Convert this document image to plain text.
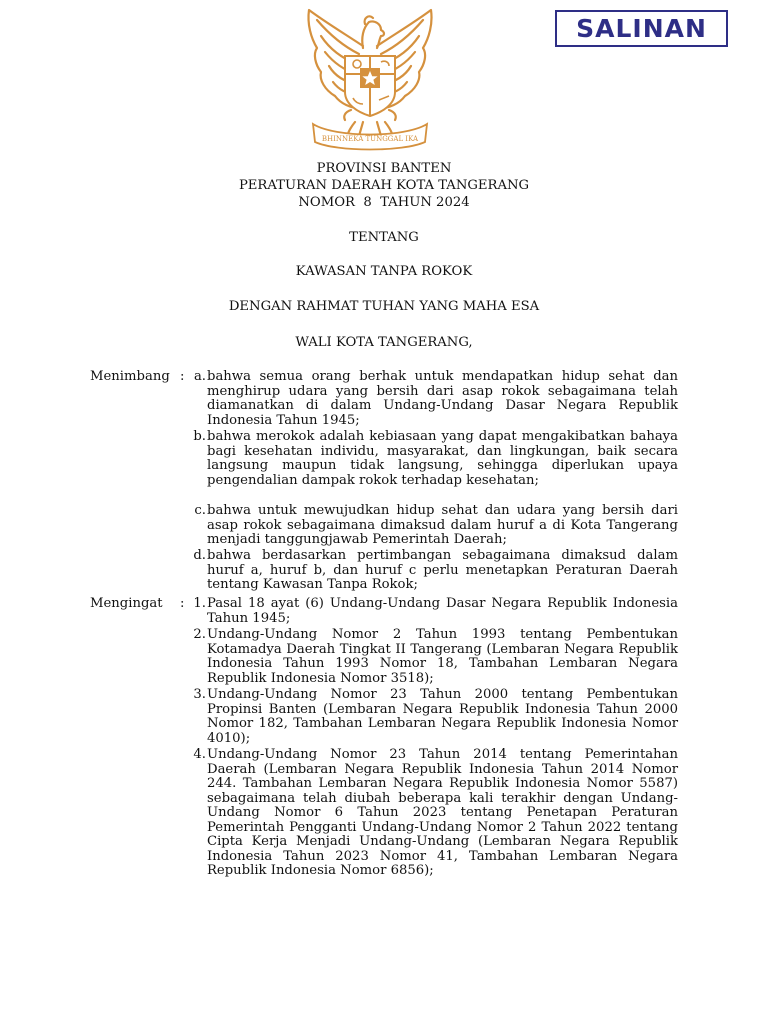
BHINNEKA TUNGGAL IKA
SALINAN
PROVINSI BANTEN
PERATURAN DAERAH KOTA TANGERANG
NOMOR  8  TAHUN 2024
TENTANG
KAWASAN TANPA ROKOK
DENGAN RAHMAT TUHAN YANG MAHA ESA
WALI KOTA TANGERANG,
Menimbang : a. bahwa semua orang berhak untuk mendapatkan hidup sehat dan menghirup udara yang bersih dari asap rokok sebagaimana telah diamanatkan di dalam Undang-Undang Dasar Negara Republik Indonesia Tahun 1945;
b. bahwa merokok adalah kebiasaan yang dapat mengakibatkan bahaya bagi kesehatan individu, masyarakat, dan lingkungan, baik secara langsung maupun tidak langsung, sehingga diperlukan upaya pengendalian dampak rokok terhadap kesehatan;
c. bahwa untuk mewujudkan hidup sehat dan udara yang bersih dari asap rokok sebagaimana dimaksud dalam huruf a di Kota Tangerang menjadi tanggungjawab Pemerintah Daerah;
d. bahwa berdasarkan pertimbangan sebagaimana dimaksud dalam huruf a, huruf b, dan huruf c perlu menetapkan Peraturan Daerah tentang Kawasan Tanpa Rokok;
Mengingat : 1. Pasal 18 ayat (6) Undang-Undang Dasar Negara Republik Indonesia Tahun 1945;
2. Undang-Undang Nomor 2 Tahun 1993 tentang Pembentukan Kotamadya Daerah Tingkat II Tangerang (Lembaran Negara Republik Indonesia Tahun 1993 Nomor 18, Tambahan Lembaran Negara Republik Indonesia Nomor 3518);
3. Undang-Undang Nomor 23 Tahun 2000 tentang Pembentukan Propinsi Banten (Lembaran Negara Republik Indonesia Tahun 2000 Nomor 182, Tambahan Lembaran Negara Republik Indonesia Nomor 4010);
4. Undang-Undang Nomor 23 Tahun 2014 tentang Pemerintahan Daerah (Lembaran Negara Republik Indonesia Tahun 2014 Nomor 244. Tambahan Lembaran Negara Republik Indonesia Nomor 5587) sebagaimana telah diubah beberapa kali terakhir dengan Undang-Undang Nomor 6 Tahun 2023 tentang Penetapan Peraturan Pemerintah Pengganti Undang-Undang Nomor 2 Tahun 2022 tentang Cipta Kerja Menjadi Undang-Undang (Lembaran Negara Republik Indonesia Tahun 2023 Nomor 41, Tambahan Lembaran Negara Republik Indonesia Nomor 6856);
